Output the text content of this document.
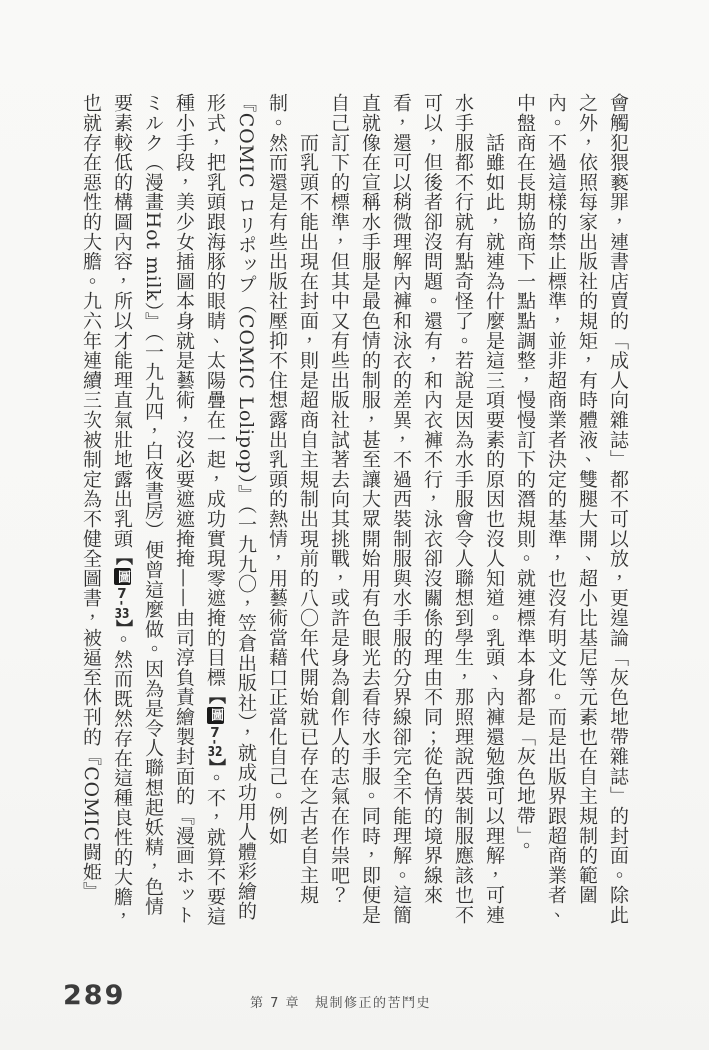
會觸犯猥褻罪，連書店賣的「成人向雜誌」都不可以放，更遑論「灰色地帶雜誌」的封面。除此
之外，依照每家出版社的規矩，有時體液、雙腿大開、超小比基尼等元素也在自主規制的範圍
內。不過這樣的禁止標準，並非超商業者決定的基準，也沒有明文化。而是出版界跟超商業者、
中盤商在長期協商下一點點調整，慢慢訂下的潛規則。就連標準本身都是「灰色地帶」。
　　話雖如此，就連為什麼是這三項要素的原因也沒人知道。乳頭、內褲還勉強可以理解，可連
水手服都不行就有點奇怪了。若說是因為水手服會令人聯想到學生，那照理說西裝制服應該也不
可以，但後者卻沒問題。還有，和內衣褲不行，泳衣卻沒關係的理由不同；從色情的境界線來
看，還可以稍微理解內褲和泳衣的差異，不過西裝制服與水手服的分界線卻完全不能理解。這簡
直就像在宣稱水手服是最色情的制服，甚至讓大眾開始用有色眼光去看待水手服。同時，即便是
自己訂下的標準，但其中又有些出版社試著去向其挑戰，或許是身為創作人的志氣在作祟吧？
　　而乳頭不能出現在封面，則是超商自主規制出現前的八〇年代開始就已存在之古老自主規
制。然而還是有些出版社壓抑不住想露出乳頭的熱情，用藝術當藉口正當化自己。例如
『COMIC ロリポップ（COMIC Lolipop）』（一九九〇，笠倉出版社），就成功用人體彩繪的
形式，把乳頭跟海豚的眼睛、太陽疊在一起，成功實現零遮掩的目標【圖7-32】。不，就算不要這
種小手段，美少女插圖本身就是藝術，沒必要遮遮掩掩——由司淳負責繪製封面的『漫画ホット
ミルク（漫畫Hot milk）』（一九九四，白夜書房）便曾這麼做。因為是令人聯想起妖精，色情
要素較低的構圖內容，所以才能理直氣壯地露出乳頭【圖7-33】。然而既然存在這種良性的大膽，
也就存在惡性的大膽。九六年連續三次被制定為不健全圖書，被逼至休刊的『COMIC闘姫』
289	第 7 章 規制修正的苦鬥史
